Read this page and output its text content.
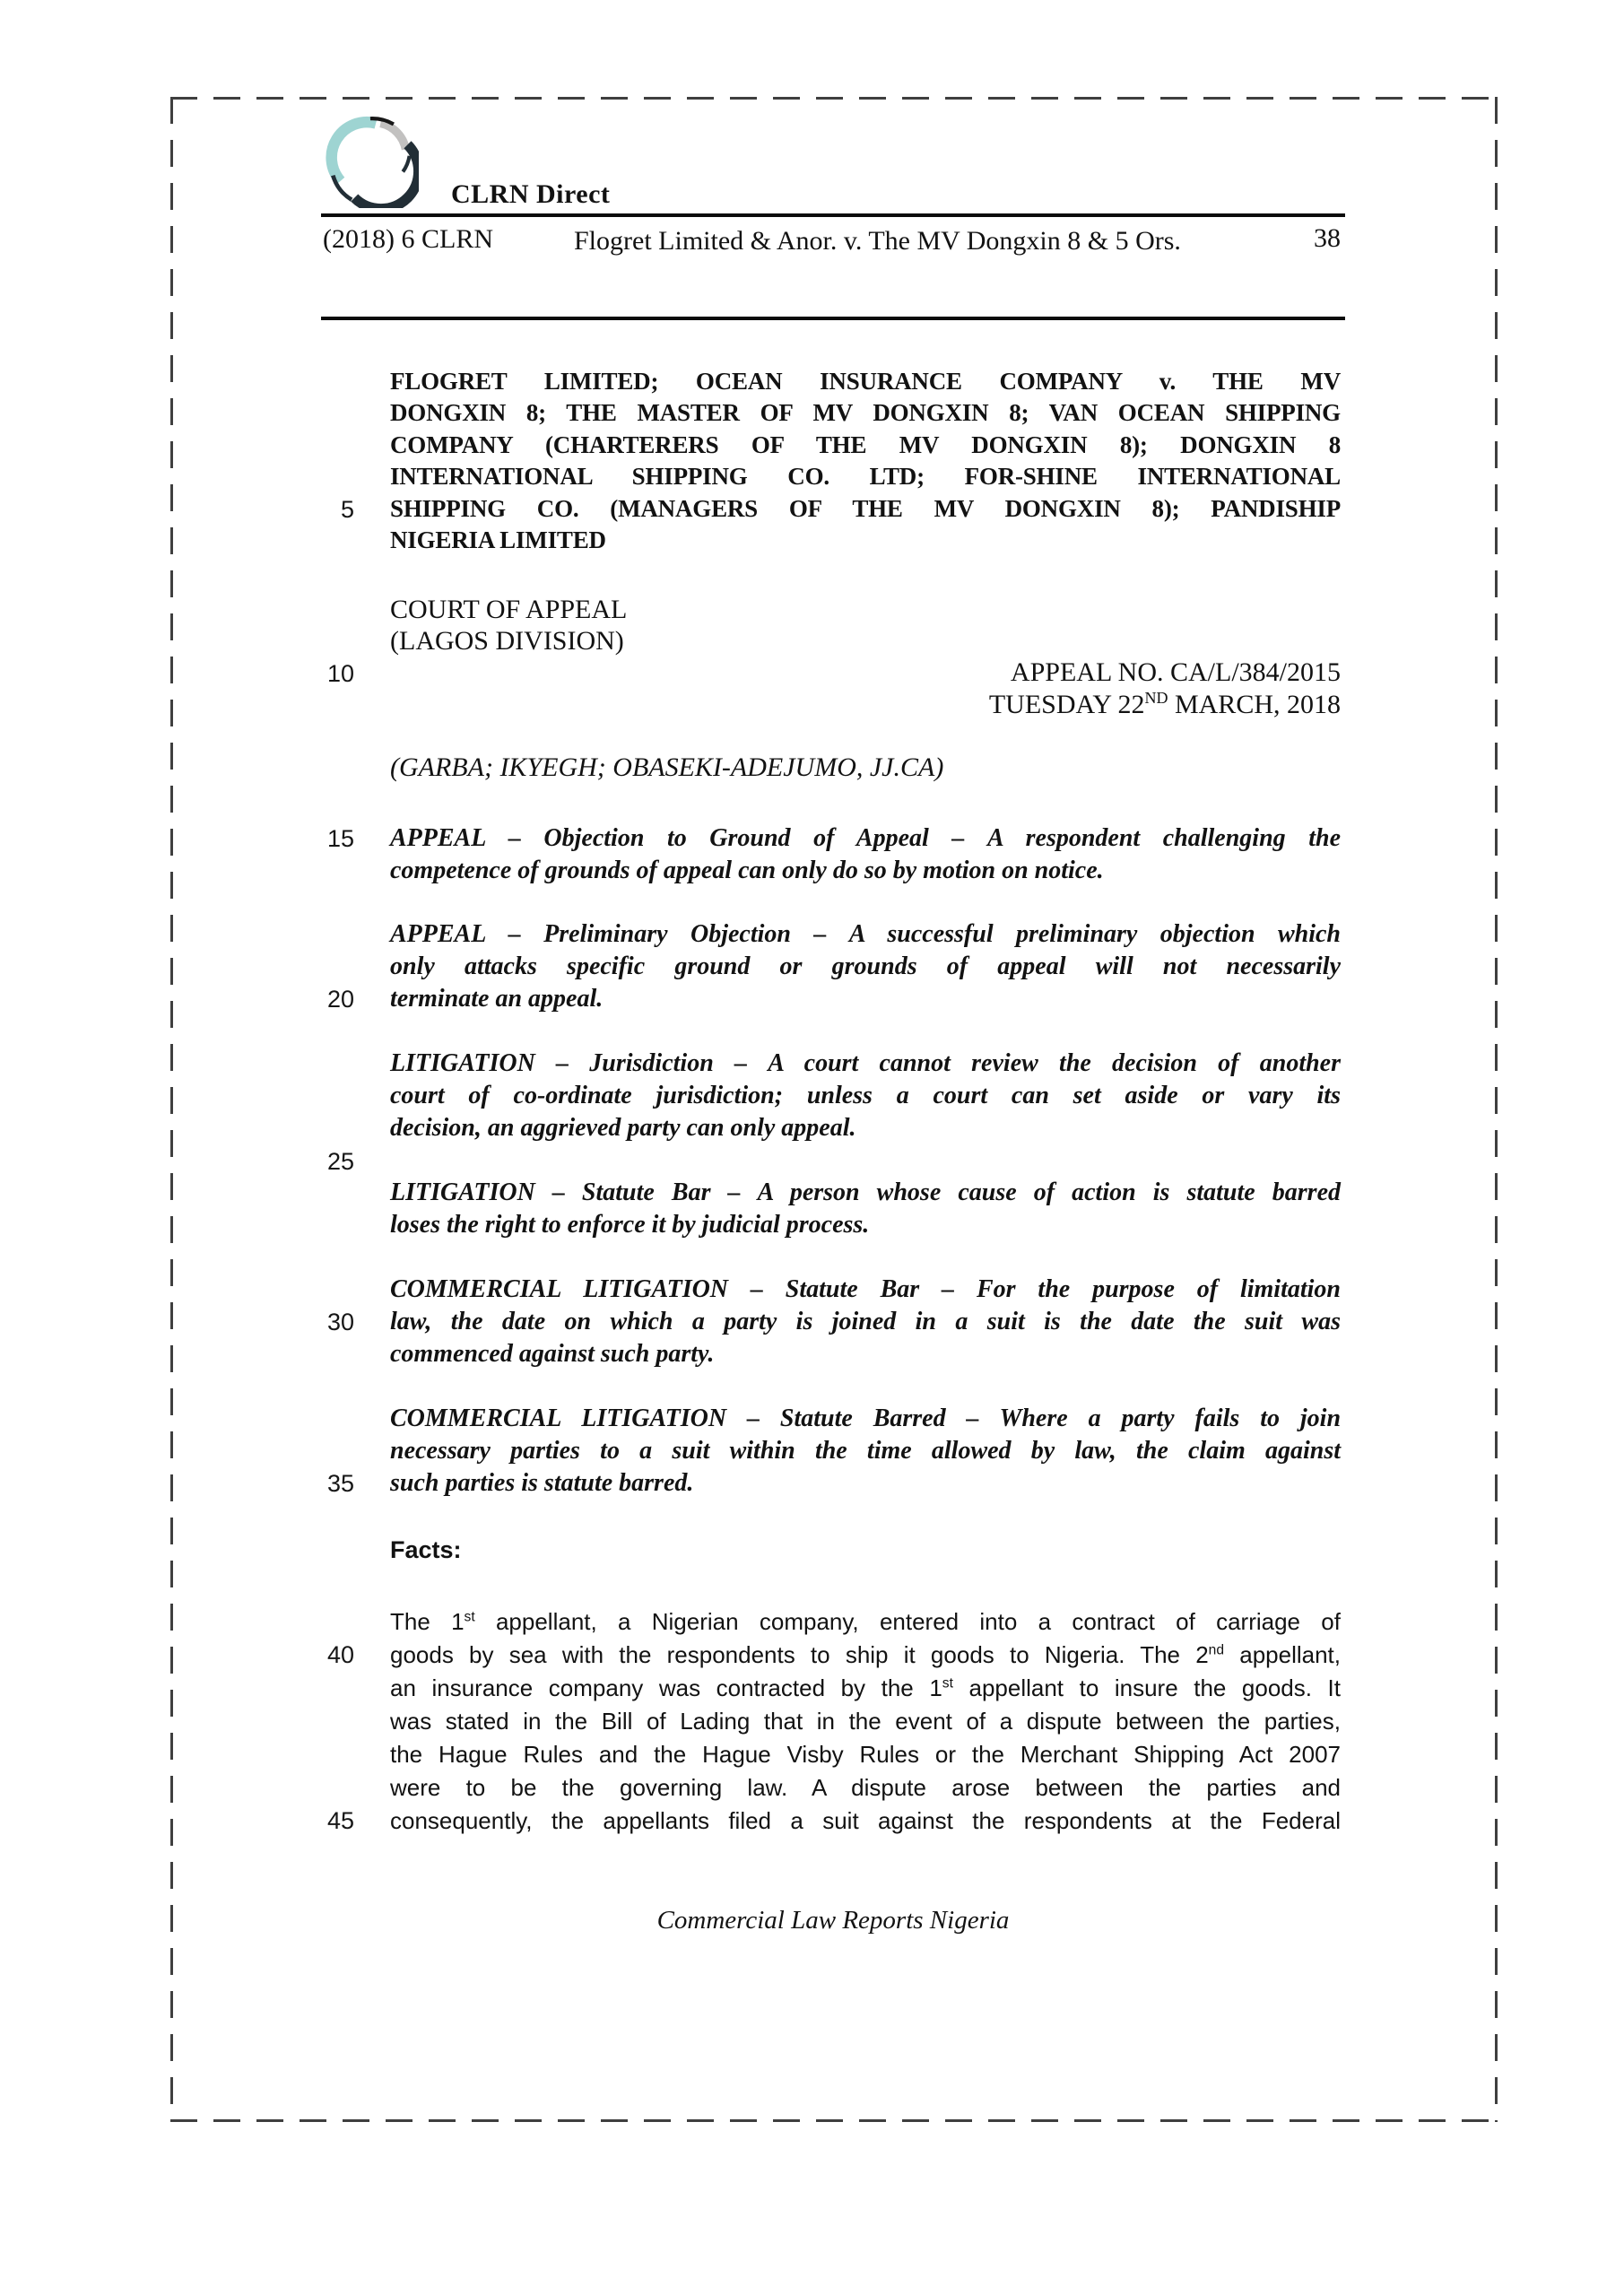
CLRN Direct
(2018) 6 CLRN	Flogret Limited & Anor. v. The MV Dongxin 8 & 5 Ors.	38
FLOGRET LIMITED; OCEAN INSURANCE COMPANY v. THE MV
DONGXIN 8; THE MASTER OF MV DONGXIN 8; VAN OCEAN SHIPPING
COMPANY (CHARTERERS OF THE MV DONGXIN 8); DONGXIN 8
INTERNATIONAL SHIPPING CO. LTD; FOR-SHINE INTERNATIONAL
SHIPPING CO. (MANAGERS OF THE MV DONGXIN 8); PANDISHIP
NIGERIA LIMITED
COURT OF APPEAL
(LAGOS DIVISION)
APPEAL NO. CA/L/384/2015
TUESDAY 22ND MARCH, 2018
(GARBA; IKYEGH; OBASEKI-ADEJUMO, JJ.CA)
APPEAL – Objection to Ground of Appeal – A respondent challenging the
competence of grounds of appeal can only do so by motion on notice.
APPEAL – Preliminary Objection – A successful preliminary objection which
only attacks specific ground or grounds of appeal will not necessarily
terminate an appeal.
LITIGATION – Jurisdiction – A court cannot review the decision of another
court of co-ordinate jurisdiction; unless a court can set aside or vary its
decision, an aggrieved party can only appeal.
LITIGATION – Statute Bar – A person whose cause of action is statute barred
loses the right to enforce it by judicial process.
COMMERCIAL LITIGATION – Statute Bar – For the purpose of limitation
law, the date on which a party is joined in a suit is the date the suit was
commenced against such party.
COMMERCIAL LITIGATION – Statute Barred – Where a party fails to join
necessary parties to a suit within the time allowed by law, the claim against
such parties is statute barred.
Facts:
The 1st appellant, a Nigerian company, entered into a contract of carriage of
goods by sea with the respondents to ship it goods to Nigeria. The 2nd appellant,
an insurance company was contracted by the 1st appellant to insure the goods. It
was stated in the Bill of Lading that in the event of a dispute between the parties,
the Hague Rules and the Hague Visby Rules or the Merchant Shipping Act 2007
were to be the governing law. A dispute arose between the parties and
consequently, the appellants filed a suit against the respondents at the Federal
5
10
15
20
25
30
35
40
45
Commercial Law Reports Nigeria
